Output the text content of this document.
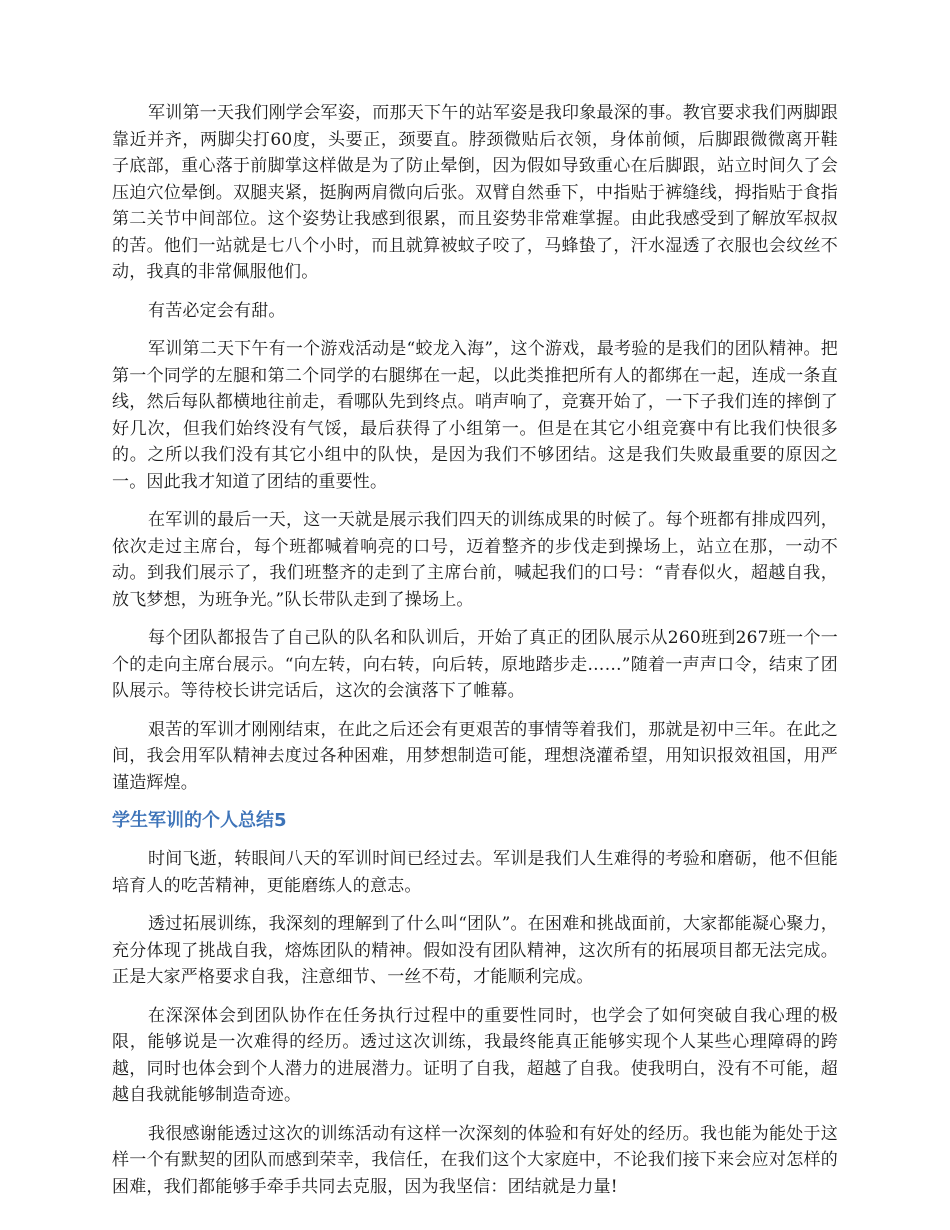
军训第一天我们刚学会军姿，而那天下午的站军姿是我印象最深的事。教官要求我们两脚跟靠近并齐，两脚尖打60度，头要正，颈要直。脖颈微贴后衣领，身体前倾，后脚跟微微离开鞋子底部，重心落于前脚掌这样做是为了防止晕倒，因为假如导致重心在后脚跟，站立时间久了会压迫穴位晕倒。双腿夹紧，挺胸两肩微向后张。双臂自然垂下，中指贴于裤缝线，拇指贴于食指第二关节中间部位。这个姿势让我感到很累，而且姿势非常难掌握。由此我感受到了解放军叔叔的苦。他们一站就是七八个小时，而且就算被蚊子咬了，马蜂蛰了，汗水湿透了衣服也会纹丝不动，我真的非常佩服他们。

有苦必定会有甜。

军训第二天下午有一个游戏活动是“蛟龙入海”，这个游戏，最考验的是我们的团队精神。把第一个同学的左腿和第二个同学的右腿绑在一起，以此类推把所有人的都绑在一起，连成一条直线，然后每队都横地往前走，看哪队先到终点。哨声响了，竞赛开始了，一下子我们连的摔倒了好几次，但我们始终没有气馁，最后获得了小组第一。但是在其它小组竞赛中有比我们快很多的。之所以我们没有其它小组中的队快，是因为我们不够团结。这是我们失败最重要的原因之一。因此我才知道了团结的重要性。

在军训的最后一天，这一天就是展示我们四天的训练成果的时候了。每个班都有排成四列，依次走过主席台，每个班都喊着响亮的口号，迈着整齐的步伐走到操场上，站立在那，一动不动。到我们展示了，我们班整齐的走到了主席台前，喊起我们的口号：“青春似火，超越自我，放飞梦想，为班争光。”队长带队走到了操场上。

每个团队都报告了自己队的队名和队训后，开始了真正的团队展示从260班到267班一个一个的走向主席台展示。“向左转，向右转，向后转，原地踏步走……”随着一声声口令，结束了团队展示。等待校长讲完话后，这次的会演落下了帷幕。

艰苦的军训才刚刚结束，在此之后还会有更艰苦的事情等着我们，那就是初中三年。在此之间，我会用军队精神去度过各种困难，用梦想制造可能，理想浇灌希望，用知识报效祖国，用严谨造辉煌。

学生军训的个人总结5

时间飞逝，转眼间八天的军训时间已经过去。军训是我们人生难得的考验和磨砺，他不但能培育人的吃苦精神，更能磨练人的意志。

透过拓展训练，我深刻的理解到了什么叫“团队”。在困难和挑战面前，大家都能凝心聚力，充分体现了挑战自我，熔炼团队的精神。假如没有团队精神，这次所有的拓展项目都无法完成。正是大家严格要求自我，注意细节、一丝不苟，才能顺利完成。

在深深体会到团队协作在任务执行过程中的重要性同时，也学会了如何突破自我心理的极限，能够说是一次难得的经历。透过这次训练，我最终能真正能够实现个人某些心理障碍的跨越，同时也体会到个人潜力的进展潜力。证明了自我，超越了自我。使我明白，没有不可能，超越自我就能够制造奇迹。

我很感谢能透过这次的训练活动有这样一次深刻的体验和有好处的经历。我也能为能处于这样一个有默契的团队而感到荣幸，我信任，在我们这个大家庭中，不论我们接下来会应对怎样的困难，我们都能够手牵手共同去克服，因为我坚信：团结就是力量!
